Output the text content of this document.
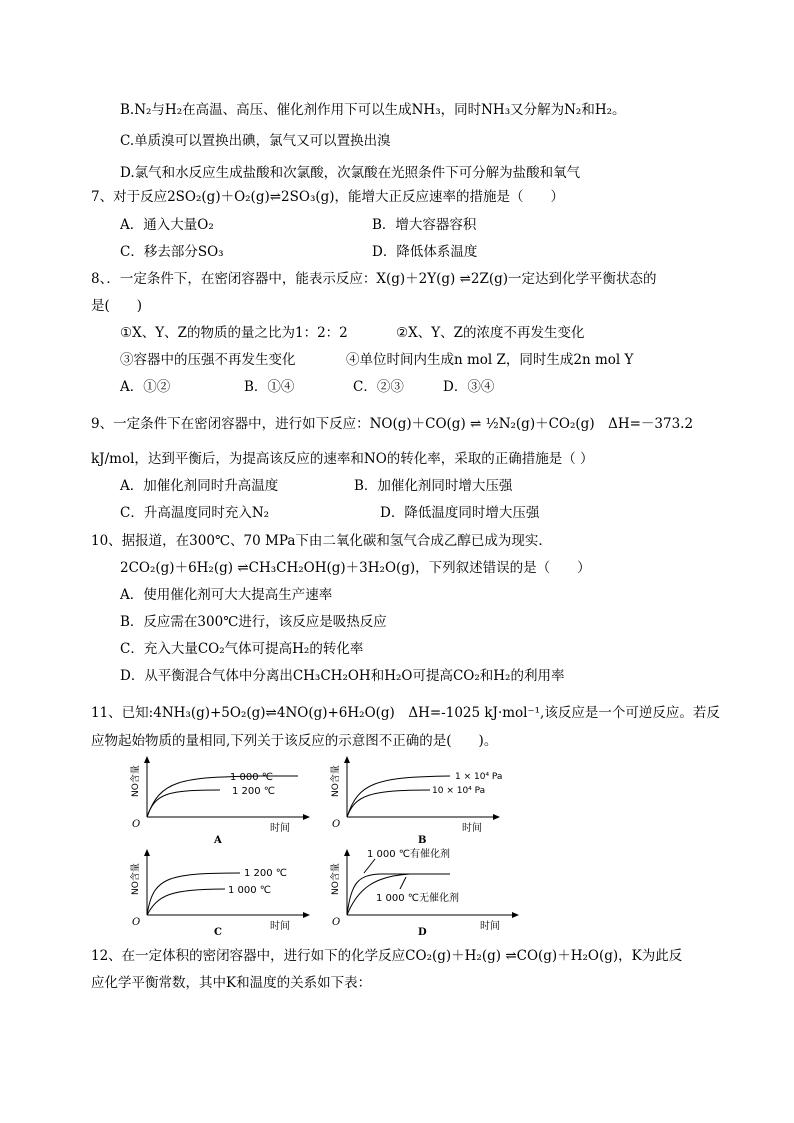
B.N₂与H₂在高温、高压、催化剂作用下可以生成NH₃，同时NH₃又分解为N₂和H₂。
C.单质溴可以置换出碘，氯气又可以置换出溴
D.氯气和水反应生成盐酸和次氯酸，次氯酸在光照条件下可分解为盐酸和氧气
7、对于反应2SO₂(g)＋O₂(g)⇌2SO₃(g)，能增大正反应速率的措施是（　　）
A．通入大量O₂	B．增大容器容积
C．移去部分SO₃	D．降低体系温度
8、．一定条件下，在密闭容器中，能表示反应：X(g)＋2Y(g) ⇌2Z(g)一定达到化学平衡状态的
是(　　)
①X、Y、Z的物质的量之比为1：2：2	②X、Y、Z的浓度不再发生变化
③容器中的压强不再发生变化	④单位时间内生成n mol Z，同时生成2n mol Y
A．①②	B．①④	C．②③	D．③④
9、一定条件下在密闭容器中，进行如下反应：NO(g)＋CO(g) ⇌ ½N₂(g)＋CO₂(g)　ΔH=－373.2
kJ/mol，达到平衡后，为提高该反应的速率和NO的转化率，采取的正确措施是（ ）
A．加催化剂同时升高温度	B．加催化剂同时增大压强
C．升高温度同时充入N₂	D．降低温度同时增大压强
10、据报道，在300℃、70 MPa下由二氧化碳和氢气合成乙醇已成为现实．
2CO₂(g)＋6H₂(g) ⇌CH₃CH₂OH(g)＋3H₂O(g)，下列叙述错误的是（　　）
A．使用催化剂可大大提高生产速率
B．反应需在300℃进行，该反应是吸热反应
C．充入大量CO₂气体可提高H₂的转化率
D．从平衡混合气体中分离出CH₃CH₂OH和H₂O可提高CO₂和H₂的利用率
11、已知:4NH₃(g)+5O₂(g)⇌4NO(g)+6H₂O(g)　ΔH=-1025 kJ·mol⁻¹,该反应是一个可逆反应。若反
应物起始物质的量相同,下列关于该反应的示意图不正确的是(　　)。
1 000 ℃
1 200 ℃
NO含量
O	时间
A
1 × 10⁴ Pa
10 × 10⁴ Pa
NO含量
O	时间
B
1 200 ℃
1 000 ℃
NO含量
O	时间
C
1 000 ℃有催化剂
1 000 ℃无催化剂
NO含量
O	时间
D
12、在一定体积的密闭容器中，进行如下的化学反应CO₂(g)＋H₂(g) ⇌CO(g)＋H₂O(g)，K为此反
应化学平衡常数，其中K和温度的关系如下表：
